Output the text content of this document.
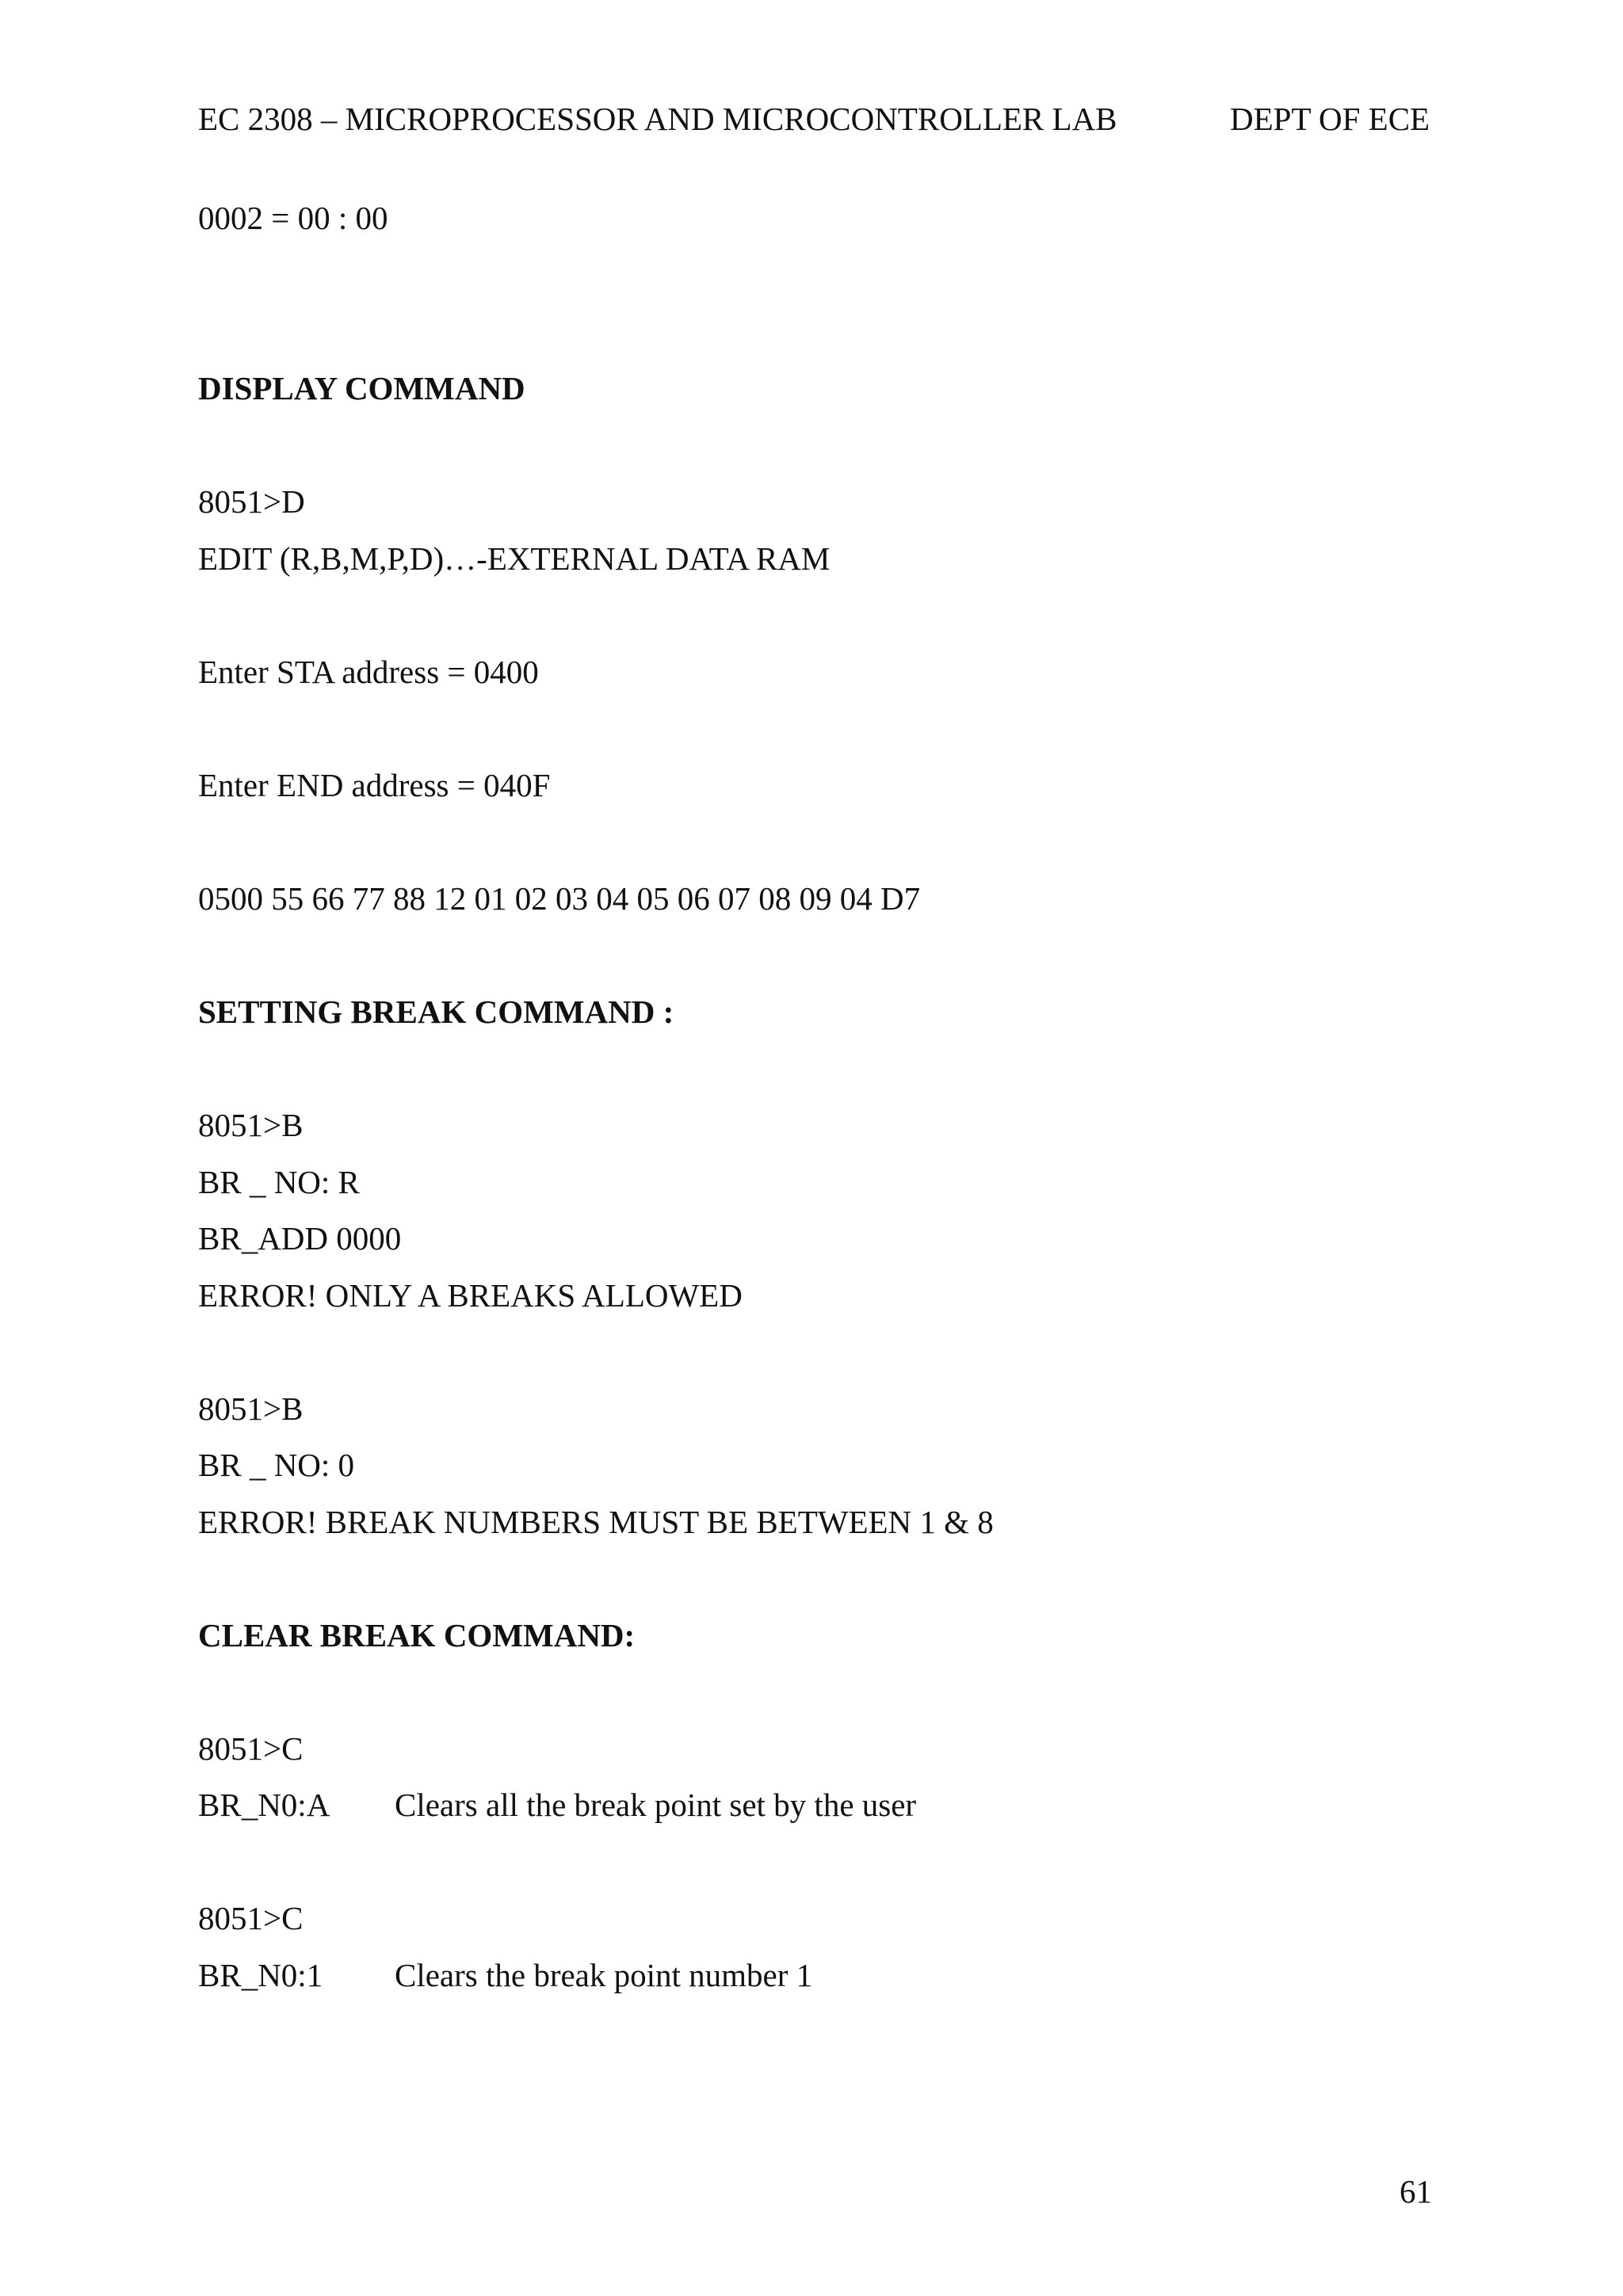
EC 2308 – MICROPROCESSOR AND MICROCONTROLLER LAB	DEPT OF ECE
0002 = 00 : 00
DISPLAY COMMAND
8051>D
EDIT (R,B,M,P,D)…-EXTERNAL DATA RAM
Enter STA address = 0400
Enter END address = 040F
0500 55 66 77 88 12 01 02 03 04 05 06 07 08 09 04 D7
SETTING BREAK COMMAND :
8051>B
BR _ NO: R
BR_ADD 0000
ERROR! ONLY A BREAKS ALLOWED
8051>B
BR _ NO: 0
ERROR! BREAK NUMBERS MUST BE BETWEEN 1 & 8
CLEAR BREAK COMMAND:
8051>C
BR_N0:A Clears all the break point set by the user
8051>C
BR_N0:1 Clears the break point number 1
61
